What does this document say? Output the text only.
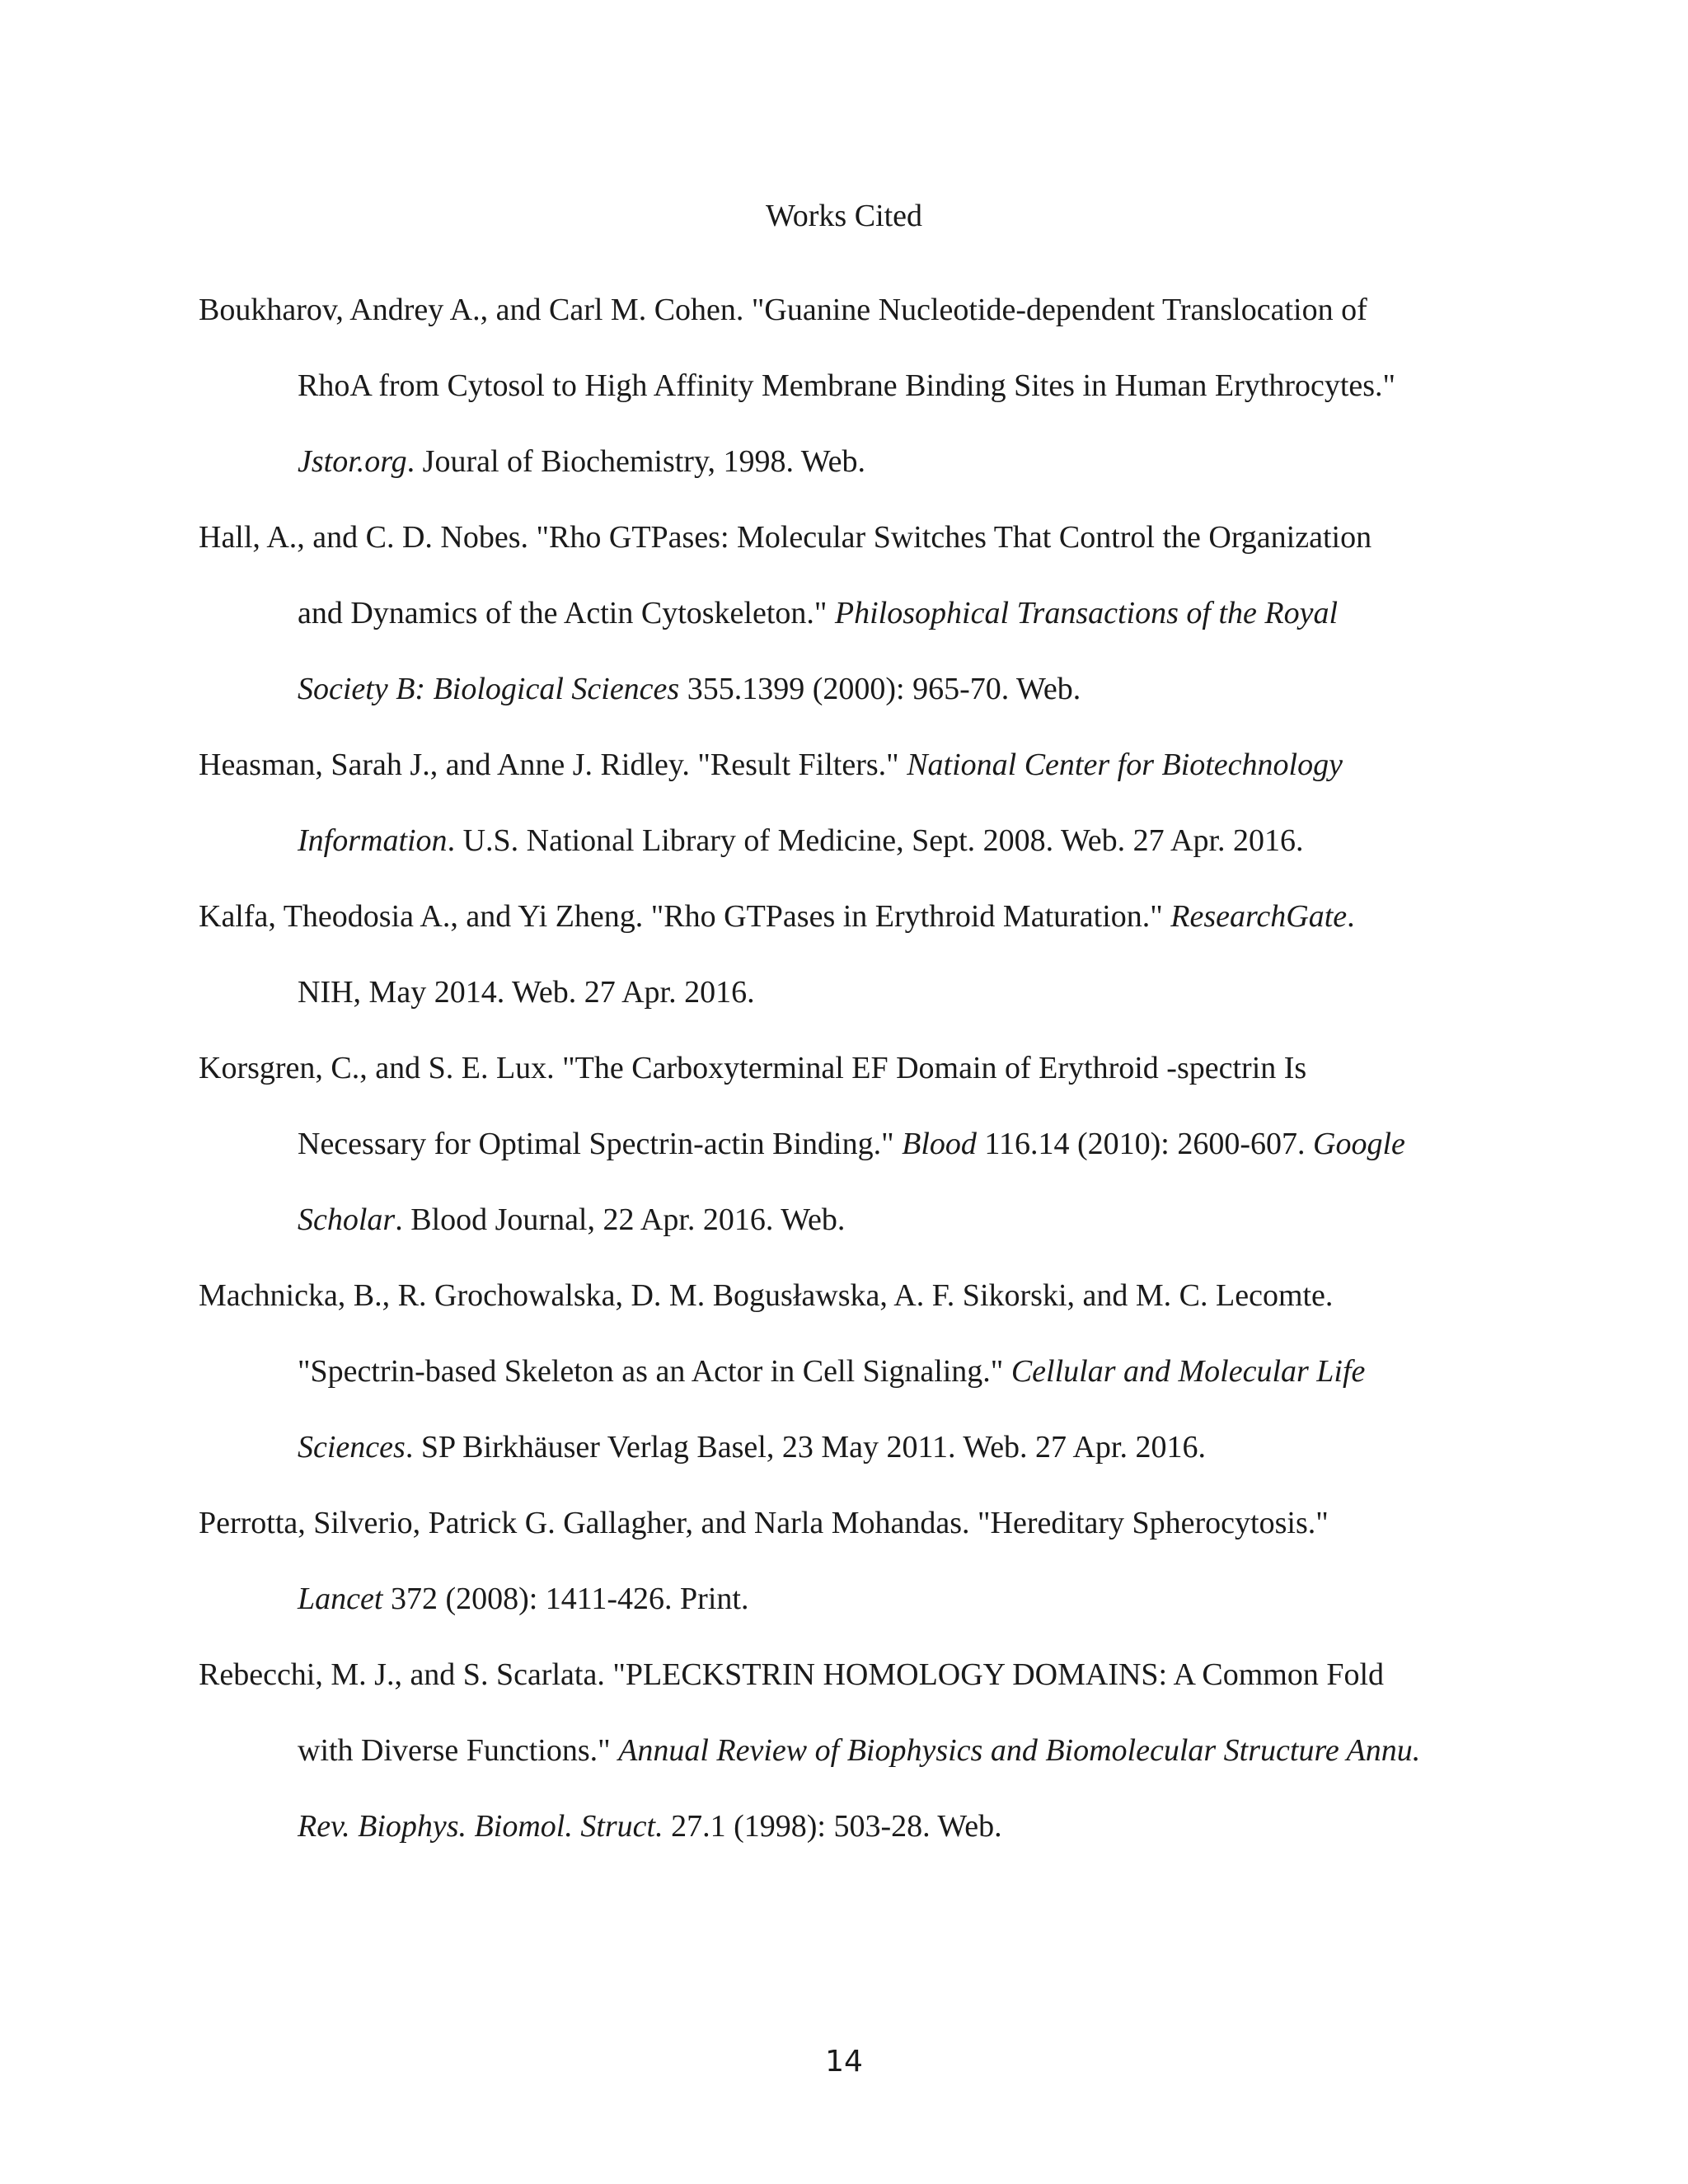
Works Cited
Boukharov, Andrey A., and Carl M. Cohen. "Guanine Nucleotide-dependent Translocation of
RhoA from Cytosol to High Affinity Membrane Binding Sites in Human Erythrocytes."
Jstor.org. Joural of Biochemistry, 1998. Web.
Hall, A., and C. D. Nobes. "Rho GTPases: Molecular Switches That Control the Organization
and Dynamics of the Actin Cytoskeleton." Philosophical Transactions of the Royal
Society B: Biological Sciences 355.1399 (2000): 965-70. Web.
Heasman, Sarah J., and Anne J. Ridley. "Result Filters." National Center for Biotechnology
Information. U.S. National Library of Medicine, Sept. 2008. Web. 27 Apr. 2016.
Kalfa, Theodosia A., and Yi Zheng. "Rho GTPases in Erythroid Maturation." ResearchGate.
NIH, May 2014. Web. 27 Apr. 2016.
Korsgren, C., and S. E. Lux. "The Carboxyterminal EF Domain of Erythroid -spectrin Is
Necessary for Optimal Spectrin-actin Binding." Blood 116.14 (2010): 2600-607. Google
Scholar. Blood Journal, 22 Apr. 2016. Web.
Machnicka, B., R. Grochowalska, D. M. Bogusławska, A. F. Sikorski, and M. C. Lecomte.
"Spectrin-based Skeleton as an Actor in Cell Signaling." Cellular and Molecular Life
Sciences. SP Birkhäuser Verlag Basel, 23 May 2011. Web. 27 Apr. 2016.
Perrotta, Silverio, Patrick G. Gallagher, and Narla Mohandas. "Hereditary Spherocytosis."
Lancet 372 (2008): 1411-426. Print.
Rebecchi, M. J., and S. Scarlata. "PLECKSTRIN HOMOLOGY DOMAINS: A Common Fold
with Diverse Functions." Annual Review of Biophysics and Biomolecular Structure Annu.
Rev. Biophys. Biomol. Struct. 27.1 (1998): 503-28. Web.
14
